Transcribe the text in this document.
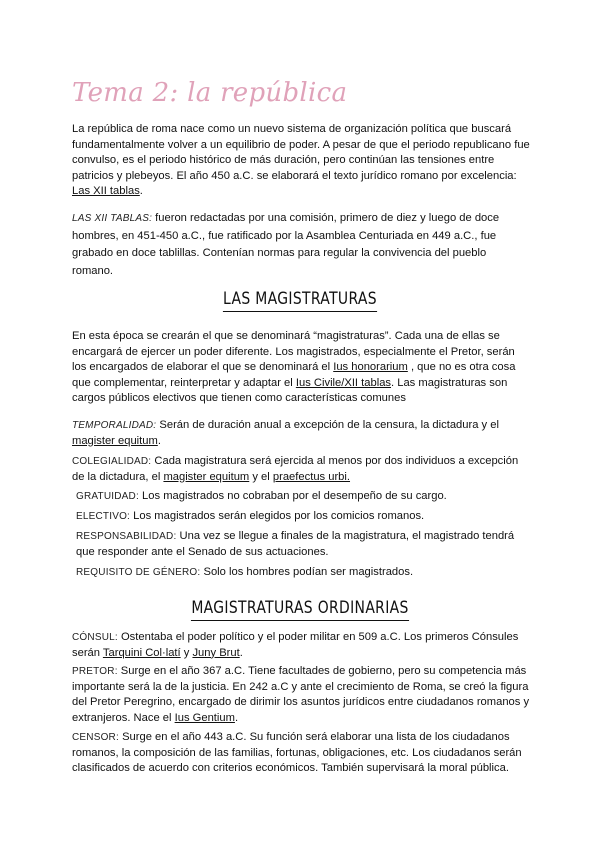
Tema 2: la república

La república de roma nace como un nuevo sistema de organización política que buscará fundamentalmente volver a un equilibrio de poder. A pesar de que el periodo republicano fue convulso, es el periodo histórico de más duración, pero continúan las tensiones entre patricios y plebeyos. El año 450 a.C. se elaborará el texto jurídico romano por excelencia: Las XII tablas.

LAS XII TABLAS: fueron redactadas por una comisión, primero de diez y luego de doce hombres, en 451-450 a.C., fue ratificado por la Asamblea Centuriada en 449 a.C., fue grabado en doce tablillas. Contenían normas para regular la convivencia del pueblo romano.

LAS MAGISTRATURAS

En esta época se crearán el que se denominará “magistraturas”. Cada una de ellas se encargará de ejercer un poder diferente. Los magistrados, especialmente el Pretor, serán los encargados de elaborar el que se denominará el Ius honorarium , que no es otra cosa que complementar, reinterpretar y adaptar el Ius Civile/XII tablas. Las magistraturas son cargos públicos electivos que tienen como características comunes

TEMPORALIDAD: Serán de duración anual a excepción de la censura, la dictadura y el magister equitum.

COLEGIALIDAD: Cada magistratura será ejercida al menos por dos individuos a excepción de la dictadura, el magister equitum y el praefectus urbi.

GRATUIDAD: Los magistrados no cobraban por el desempeño de su cargo.

ELECTIVO: Los magistrados serán elegidos por los comicios romanos.

RESPONSABILIDAD: Una vez se llegue a finales de la magistratura, el magistrado tendrá que responder ante el Senado de sus actuaciones.

REQUISITO DE GÉNERO: Solo los hombres podían ser magistrados.

MAGISTRATURAS ORDINARIAS

CÓNSUL: Ostentaba el poder político y el poder militar en 509 a.C. Los primeros Cónsules serán Tarquini Col·latí y Juny Brut.

PRETOR: Surge en el año 367 a.C. Tiene facultades de gobierno, pero su competencia más importante será la de la justicia. En 242 a.C y ante el crecimiento de Roma, se creó la figura del Pretor Peregrino, encargado de dirimir los asuntos jurídicos entre ciudadanos romanos y extranjeros. Nace el Ius Gentium.

CENSOR: Surge en el año 443 a.C. Su función será elaborar una lista de los ciudadanos romanos, la composición de las familias, fortunas, obligaciones, etc. Los ciudadanos serán clasificados de acuerdo con criterios económicos. También supervisará la moral pública.
